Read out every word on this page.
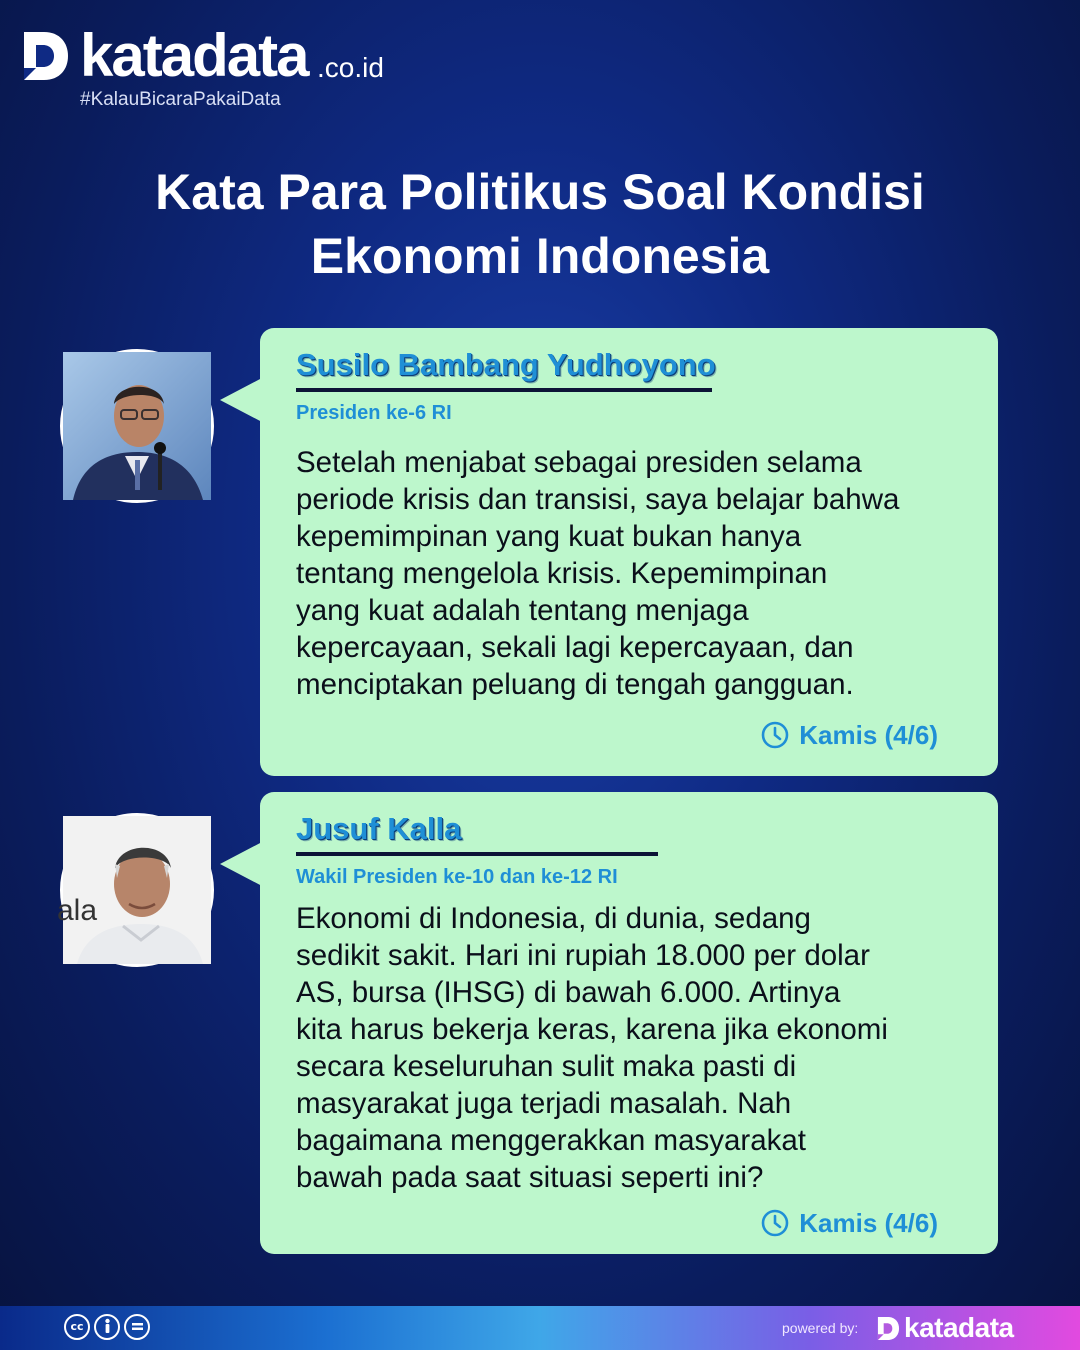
katadata .co.id
#KalauBicaraPakaiData
Kata Para Politikus Soal Kondisi
Ekonomi Indonesia
Susilo Bambang Yudhoyono
Presiden ke-6 RI
Setelah menjabat sebagai presiden selama
periode krisis dan transisi, saya belajar bahwa
kepemimpinan yang kuat bukan hanya
tentang mengelola krisis. Kepemimpinan
yang kuat adalah tentang menjaga
kepercayaan, sekali lagi kepercayaan, dan
menciptakan peluang di tengah gangguan.
Kamis (4/6)
ala
Jusuf Kalla
Wakil Presiden ke-10 dan ke-12 RI
Ekonomi di Indonesia, di dunia, sedang
sedikit sakit. Hari ini rupiah 18.000 per dolar
AS, bursa (IHSG) di bawah 6.000. Artinya
kita harus bekerja keras, karena jika ekonomi
secara keseluruhan sulit maka pasti di
masyarakat juga terjadi masalah. Nah
bagaimana menggerakkan masyarakat
bawah pada saat situasi seperti ini?
Kamis (4/6)
cc	powered by: katadata
